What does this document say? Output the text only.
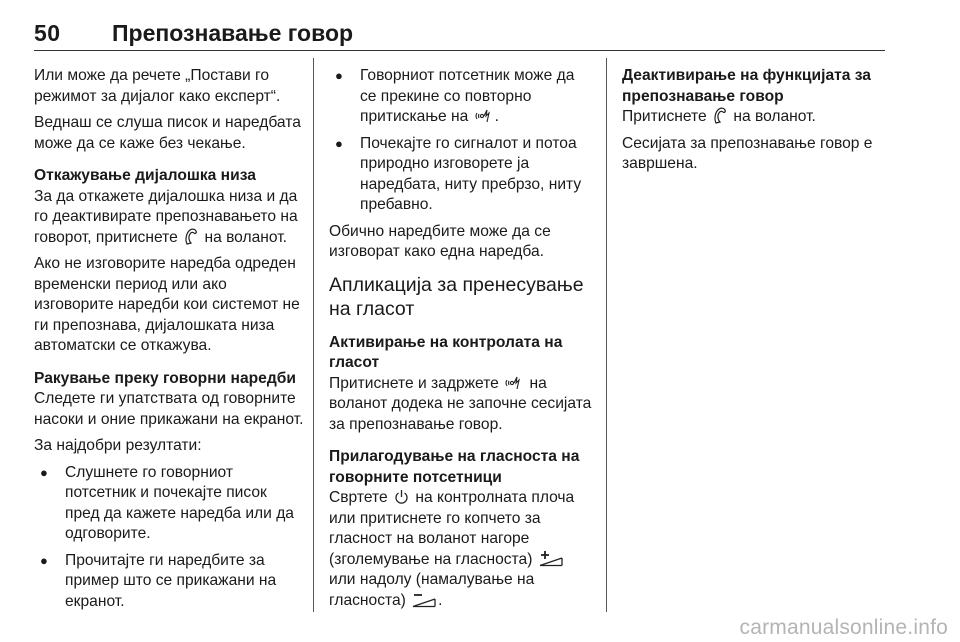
50 Препознавање говор

Или може да речете „Постави го режимот за дијалог како експерт“.

Веднаш се слуша писок и наредбата може да се каже без чекање.

Откажување дијалошка низа

За да откажете дијалошка низа и да го деактивирате препознавањето на говорот, притиснете на воланот.

Ако не изговорите наредба одреден временски период или ако изговорите наредби кои системот не ги препознава, дијалошката низа автоматски се откажува.

Ракување преку говорни наредби

Следете ги упатствата од говорните насоки и оние прикажани на екранот.

За најдобри резултати:

● Слушнете го говорниот потсетник и почекајте писок пред да кажете наредба или да одговорите.
● Прочитајте ги наредбите за пример што се прикажани на екранот.
● Говорниот потсетник може да се прекине со повторно притискање на .
● Почекајте го сигналот и потоа природно изговорете ја наредбата, ниту пребрзо, ниту пребавно.

Обично наредбите може да се изговорат како една наредба.

Апликација за пренесување на гласот
Активирање на контролата на гласот

Притиснете и задржете на воланот додека не започне сесијата за препознавање говор.

Прилагодување на гласноста на говорните потсетници

Свртете на контролната плоча или притиснете го копчето за гласност на воланот нагоре (зголемување на гласноста)
или надолу (намалување на гласноста) .

Деактивирање на функцијата за препознавање говор

Притиснете на воланот.

Сесијата за препознавање говор е завршена.

carmanualsonline.info
